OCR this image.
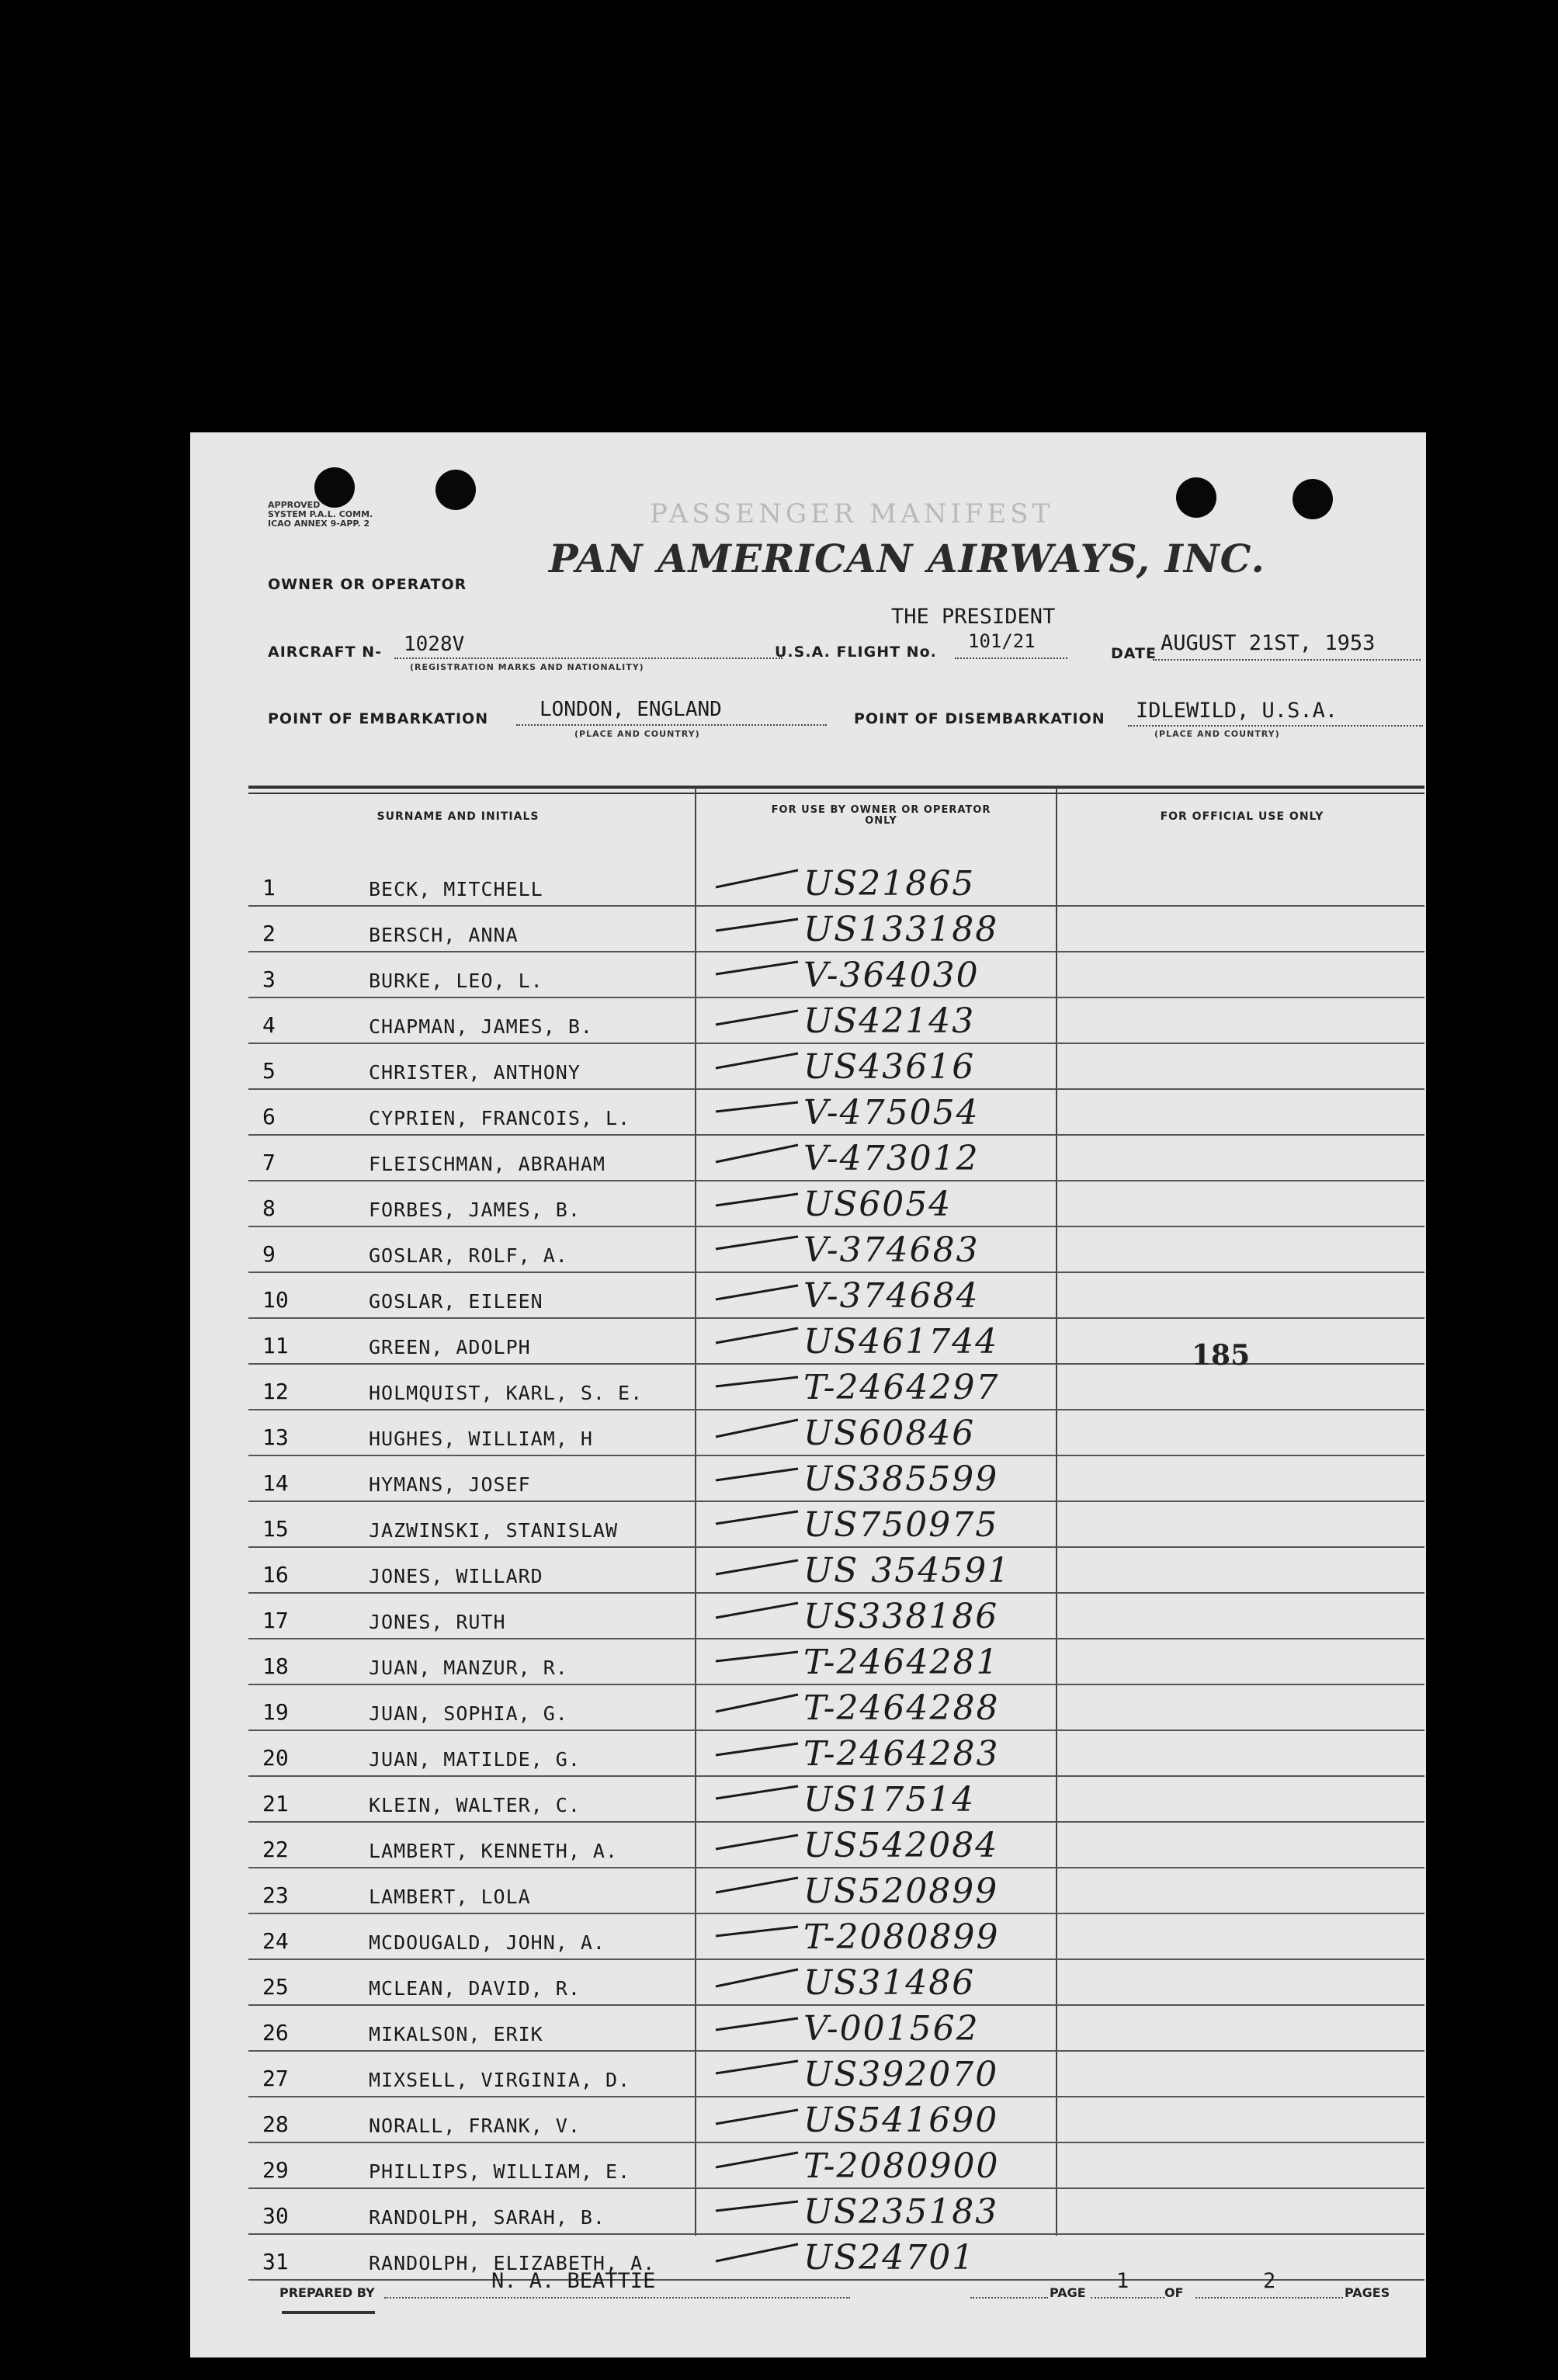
APPROVED
SYSTEM P.A.L. COMM.
ICAO ANNEX 9-APP. 2	PASSENGER MANIFEST
PAN AMERICAN AIRWAYS, INC.
OWNER OR OPERATOR
AIRCRAFT N- 1028V
(REGISTRATION MARKS AND NATIONALITY)
THE PRESIDENT
U.S.A. FLIGHT No. 101/21
DATE AUGUST 21ST, 1953
POINT OF EMBARKATION	LONDON, ENGLAND
(PLACE AND COUNTRY)
POINT OF DISEMBARKATION IDLEWILD, U.S.A.
(PLACE AND COUNTRY)
SURNAME AND INITIALS
FOR USE BY OWNER OR OPERATOR ONLY	FOR OFFICIAL USE ONLY
1	BECK, MITCHELL	US21865
2	BERSCH, ANNA	US133188
3	BURKE, LEO, L.	V-364030
4	CHAPMAN, JAMES, B.	US42143
5	CHRISTER, ANTHONY	US43616
6	CYPRIEN, FRANCOIS, L.	V-475054
7	FLEISCHMAN, ABRAHAM	V-473012
8	FORBES, JAMES, B.	US6054
9	GOSLAR, ROLF, A.	V-374683
10	GOSLAR, EILEEN	V-374684
11	GREEN, ADOLPH	US461744
12	HOLMQUIST, KARL, S. E.	T-2464297
13	HUGHES, WILLIAM, H	US60846
14	HYMANS, JOSEF	US385599
15	JAZWINSKI, STANISLAW	US750975
16	JONES, WILLARD	US 354591
17	JONES, RUTH	US338186
18	JUAN, MANZUR, R.	T-2464281
19	JUAN, SOPHIA, G.	T-2464288
20	JUAN, MATILDE, G.	T-2464283
21	KLEIN, WALTER, C.	US17514
22	LAMBERT, KENNETH, A.	US542084
23	LAMBERT, LOLA	US520899
24	MCDOUGALD, JOHN, A.	T-2080899
25	MCLEAN, DAVID, R.	US31486
26	MIKALSON, ERIK	V-001562
27	MIXSELL, VIRGINIA, D.	US392070
28	NORALL, FRANK, V.	US541690
29	PHILLIPS, WILLIAM, E.	T-2080900
30	RANDOLPH, SARAH, B.	US235183
31	RANDOLPH, ELIZABETH, A.	US24701
185
PREPARED BY	N. A. BEATTIE	PAGE 1	OF	2	PAGES
